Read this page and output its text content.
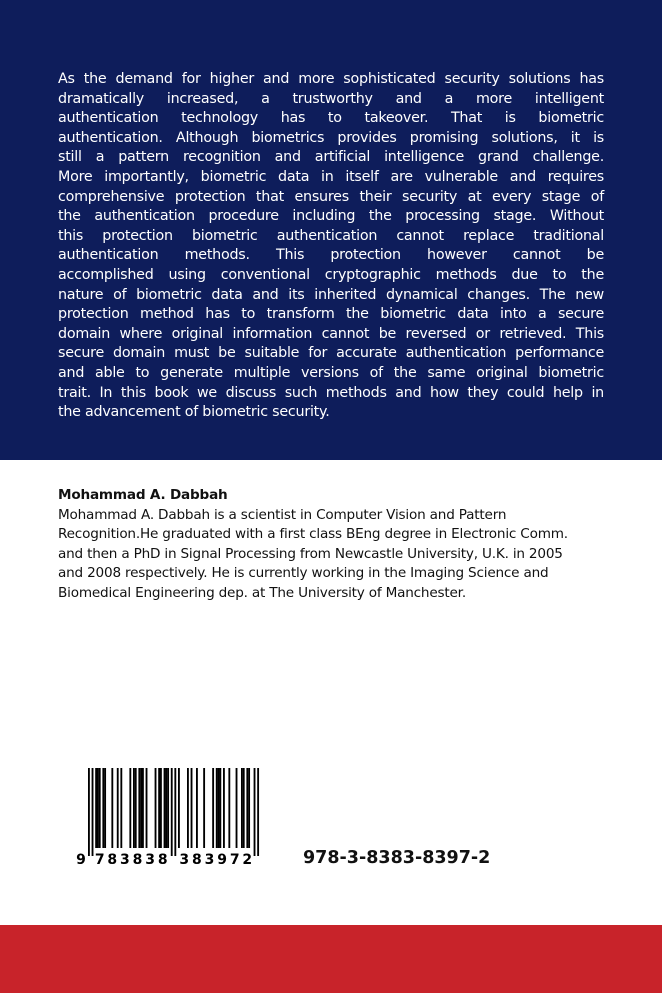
As the demand for higher and more sophisticated security solutions has
dramatically increased, a trustworthy and a more intelligent
authentication technology has to takeover. That is biometric
authentication. Although biometrics provides promising solutions, it is
still a pattern recognition and artificial intelligence grand challenge.
More importantly, biometric data in itself are vulnerable and requires
comprehensive protection that ensures their security at every stage of
the authentication procedure including the processing stage. Without
this protection biometric authentication cannot replace traditional
authentication methods. This protection however cannot be
accomplished using conventional cryptographic methods due to the
nature of biometric data and its inherited dynamical changes. The new
protection method has to transform the biometric data into a secure
domain where original information cannot be reversed or retrieved. This
secure domain must be suitable for accurate authentication performance
and able to generate multiple versions of the same original biometric
trait. In this book we discuss such methods and how they could help in
the advancement of biometric security.
Mohammad A. Dabbah
Mohammad A. Dabbah is a scientist in Computer Vision and Pattern
Recognition.He graduated with a first class BEng degree in Electronic Comm.
and then a PhD in Signal Processing from Newcastle University, U.K. in 2005
and 2008 respectively. He is currently working in the Imaging Science and
Biomedical Engineering dep. at The University of Manchester.
9 7 8 3 8 3 8 3 8 3 9 7 2	978-3-8383-8397-2
